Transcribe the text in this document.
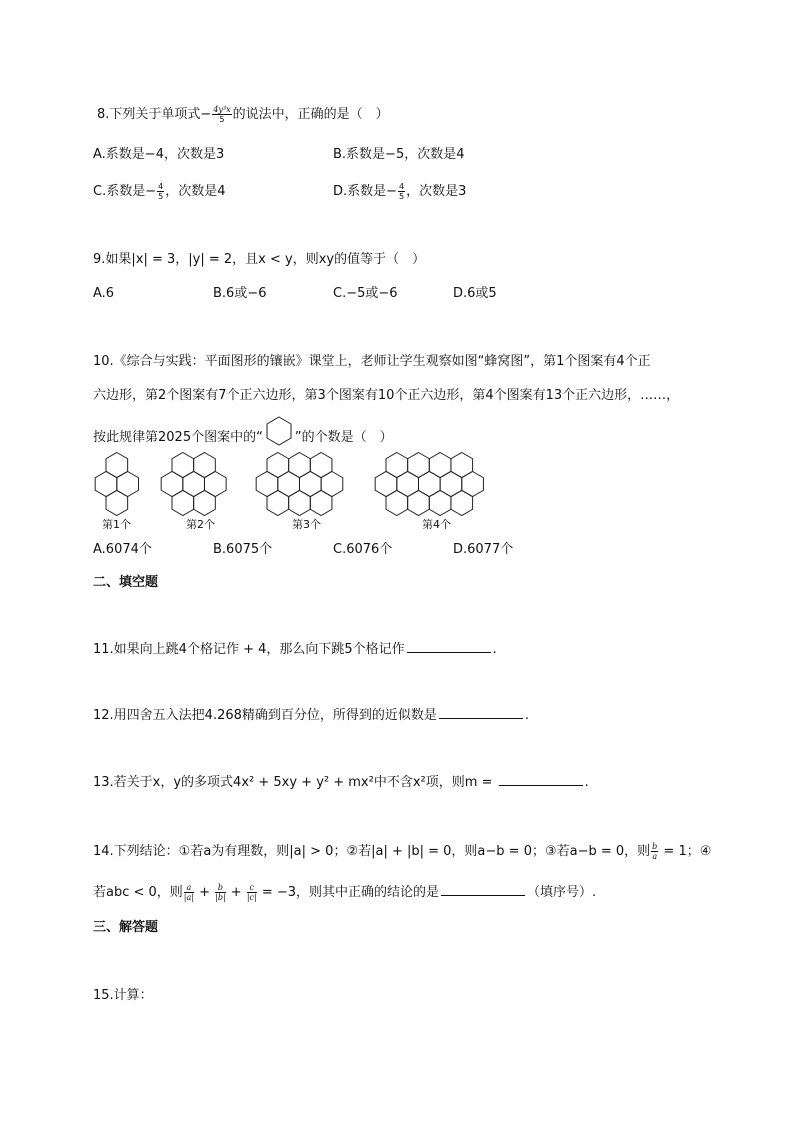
8.下列关于单项式− $\frac{\text{4y³x}}{5}$ 的说法中，正确的是（　）
A.系数是−4，次数是3	B.系数是−5，次数是4
C.系数是− $\frac{4}{5}$ ，次数是4	D.系数是− $\frac{4}{5}$ ，次数是3
9.如果|x| = 3，|y| = 2，且x < y，则xy的值等于（　）
A.6	B.6或−6	C.−5或−6	D.6或5
10.《综合与实践：平面图形的镶嵌》课堂上，老师让学生观察如图“蜂窝图”，第1个图案有4个正
六边形，第2个图案有7个正六边形，第3个图案有10个正六边形，第4个图案有13个正六边形，……，
按此规律第2025个图案中的“ ”的个数是（　）
第1个	第2个	第3个	第4个
A.6074个	B.6075个	C.6076个	D.6077个
二、填空题
11.如果向上跳4个格记作 + 4，那么向下跳5个格记作	.
12.用四舍五入法把4.268精确到百分位，所得到的近似数是	.
13.若关于x，y的多项式4x² + 5xy + y² + mx²中不含x²项，则m =	.
14.下列结论：①若a为有理数，则|a| > 0；②若|a| + |b| = 0，则a−b = 0；③若a−b = 0，则 $\frac{b}{a} = 1$；④
若abc < 0，则 $\frac{a}{|a|} + \frac{b}{|b|} + \frac{c}{|c|} = -3$，则其中正确的结论的是	（填序号）.
三、解答题
15.计算：
